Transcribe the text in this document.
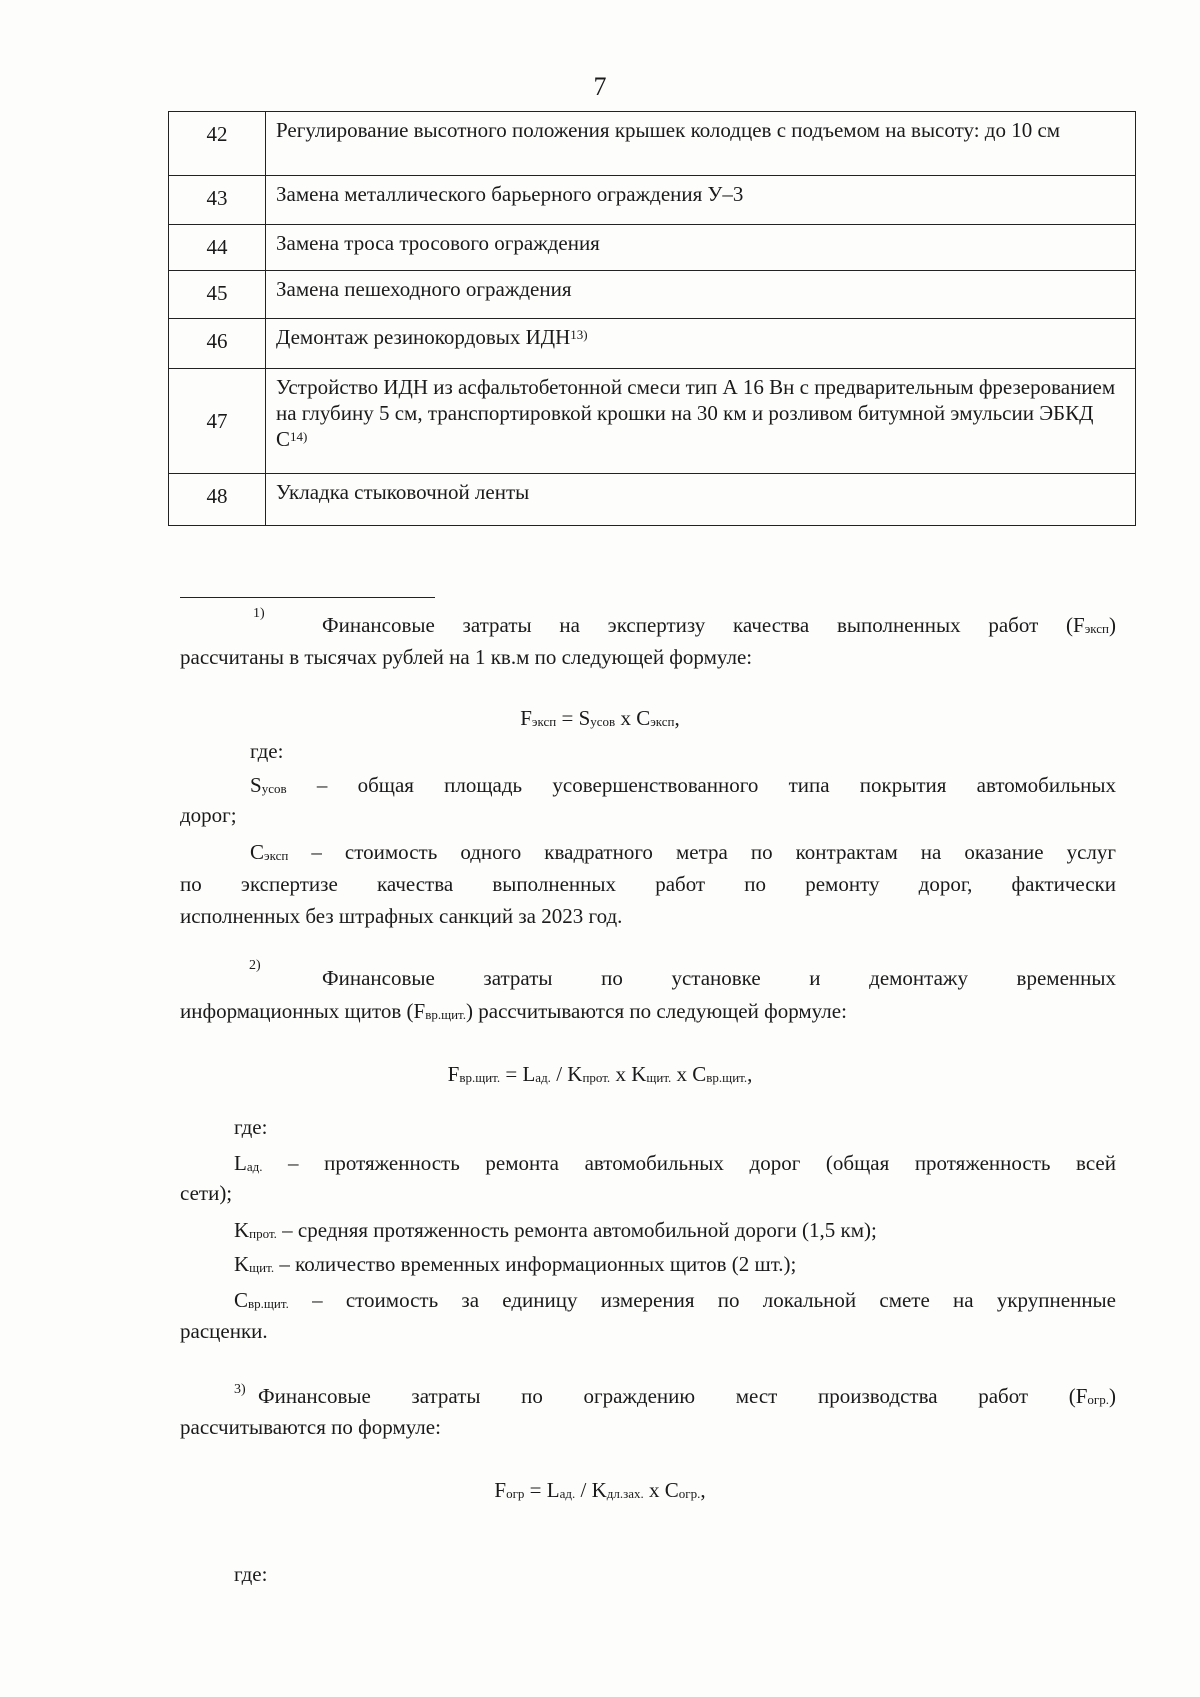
7
42	Регулирование высотного положения крышек колодцев с подъемом на высоту: до 10 см
43	Замена металлического барьерного ограждения У–3
44	Замена троса тросового ограждения
45	Замена пешеходного ограждения
46	Демонтаж резинокордовых ИДН$^{13)}$
47	Устройство ИДН из асфальтобетонной смеси тип А 16 Вн с предварительным фрезерованием на глубину 5 см, транспортировкой крошки на 30 км и розливом битумной эмульсии ЭБКД С$^{14)}$
48	Укладка стыковочной ленты
1)	Финансовые затраты на экспертизу качества выполненных работ (Fэксп)
рассчитаны в тысячах рублей на 1 кв.м по следующей формуле:
Fэксп = Sусов x Cэксп,
где:
Sусов – общая площадь усовершенствованного типа покрытия автомобильных
дорог;
Cэксп – стоимость одного квадратного метра по контрактам на оказание услуг
по экспертизе качества выполненных работ по ремонту дорог, фактически
исполненных без штрафных санкций за 2023 год.
2)
Финансовые затраты по установке и демонтажу временных
информационных щитов (Fвр.щит.) рассчитываются по следующей формуле:
Fвр.щит. = Lад. / Kпрот. x Kщит. x Cвр.щит.,
где:
Lад. – протяженность ремонта автомобильных дорог (общая протяженность всей
сети);
Kпрот. – средняя протяженность ремонта автомобильной дороги (1,5 км);
Kщит. – количество временных информационных щитов (2 шт.);
Cвр.щит. – стоимость за единицу измерения по локальной смете на укрупненные
расценки.
3) Финансовые затраты по ограждению мест производства работ (Fогр.)
рассчитываются по формуле:
Fогр = Lад. / Kдл.зах. x Cогр.,
где:
